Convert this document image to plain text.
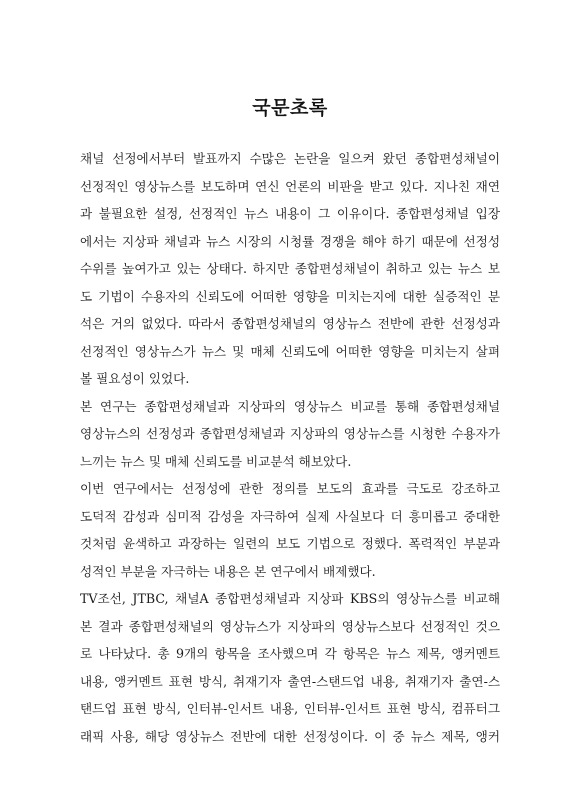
국문초록
채널 선정에서부터 발표까지 수많은 논란을 일으켜 왔던 종합편성채널이
선정적인 영상뉴스를 보도하며 연신 언론의 비판을 받고 있다. 지나친 재연
과 불필요한 설정, 선정적인 뉴스 내용이 그 이유이다. 종합편성채널 입장
에서는 지상파 채널과 뉴스 시장의 시청률 경쟁을 해야 하기 때문에 선정성
수위를 높여가고 있는 상태다. 하지만 종합편성채널이 취하고 있는 뉴스 보
도 기법이 수용자의 신뢰도에 어떠한 영향을 미치는지에 대한 실증적인 분
석은 거의 없었다. 따라서 종합편성채널의 영상뉴스 전반에 관한 선정성과
선정적인 영상뉴스가 뉴스 및 매체 신뢰도에 어떠한 영향을 미치는지 살펴
볼 필요성이 있었다.
본 연구는 종합편성채널과 지상파의 영상뉴스 비교를 통해 종합편성채널
영상뉴스의 선정성과 종합편성채널과 지상파의 영상뉴스를 시청한 수용자가
느끼는 뉴스 및 매체 신뢰도를 비교분석 해보았다.
이번 연구에서는 선정성에 관한 정의를 보도의 효과를 극도로 강조하고
도덕적 감성과 심미적 감성을 자극하여 실제 사실보다 더 흥미롭고 중대한
것처럼 윤색하고 과장하는 일련의 보도 기법으로 정했다. 폭력적인 부분과
성적인 부분을 자극하는 내용은 본 연구에서 배제했다.
TV조선, JTBC, 채널A 종합편성채널과 지상파 KBS의 영상뉴스를 비교해
본 결과 종합편성채널의 영상뉴스가 지상파의 영상뉴스보다 선정적인 것으
로 나타났다. 총 9개의 항목을 조사했으며 각 항목은 뉴스 제목, 앵커멘트
내용, 앵커멘트 표현 방식, 취재기자 출연-스탠드업 내용, 취재기자 출연-스
탠드업 표현 방식, 인터뷰-인서트 내용, 인터뷰-인서트 표현 방식, 컴퓨터그
래픽 사용, 해당 영상뉴스 전반에 대한 선정성이다. 이 중 뉴스 제목, 앵커
